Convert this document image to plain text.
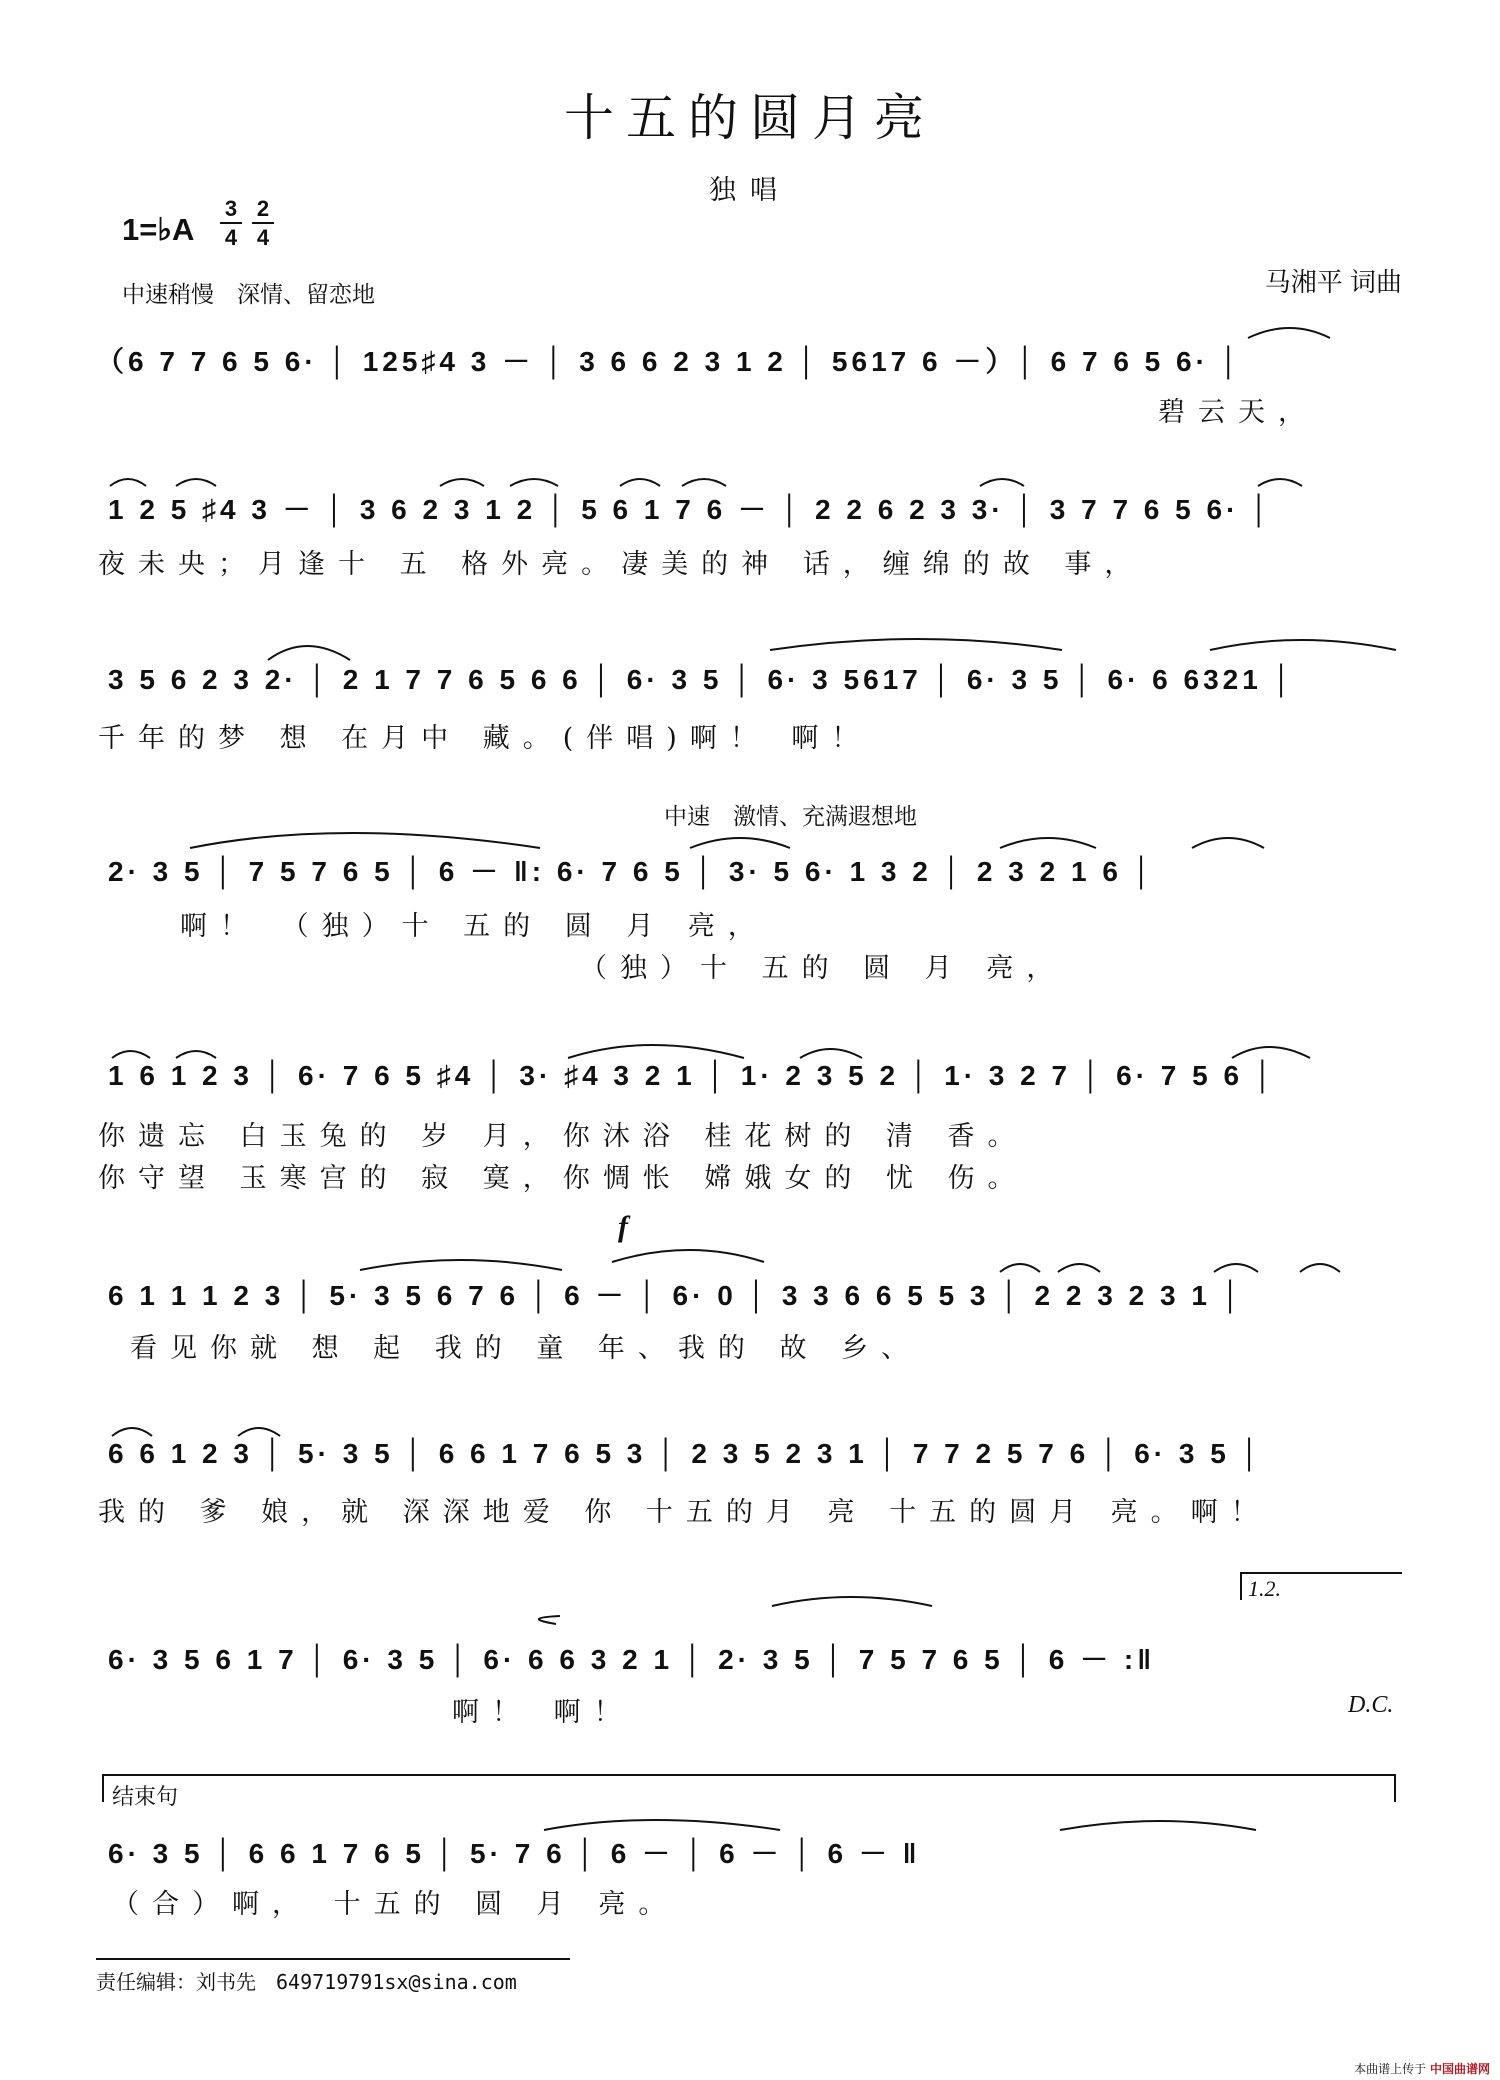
十五的圆月亮
独唱
1=♭A
3
4
2
4
中速稍慢　深情、留恋地	马湘平 词曲
（6 7 7 6 5 6· │ 125♯4 3 － │ 3 6 6 2 3 1 2 │ 5617 6 －）│ 6 7 6 5 6· │
碧云天，
1 2 5 ♯4 3 － │ 3 6 2 3 1 2 │ 5 6 1 7 6 － │ 2 2 6 2 3 3· │ 3 7 7 6 5 6· │
夜未央；月逢十 五 格外亮。凄美的神 话，缠绵的故 事，
3 5 6 2 3 2· │ 2 1 7 7 6 5 6 6 │ 6· 3 5 │ 6· 3 5617 │ 6· 3 5 │ 6· 6 6321 │
千年的梦 想 在月中 藏。(伴唱)啊！ 啊！
中速　激情、充满遐想地
2· 3 5 │ 7 5 7 6 5 │ 6 － ‖: 6· 7 6 5 │ 3· 5 6· 1 3 2 │ 2 3 2 1 6 │
啊！ （独）十 五的 圆 月 亮，
（独）十 五的 圆 月 亮，
1 6 1 2 3 │ 6· 7 6 5 ♯4 │ 3· ♯4 3 2 1 │ 1· 2 3 5 2 │ 1· 3 2 7 │ 6· 7 5 6 │
你遗忘 白玉兔的 岁 月，你沐浴 桂花树的 清 香。
你守望 玉寒宫的 寂 寞，你惆怅 嫦娥女的 忧 伤。
f
6 1 1 1 2 3 │ 5· 3 5 6 7 6 │ 6 － │ 6· 0 │ 3 3 6 6 5 5 3 │ 2 2 3 2 3 1 │
看见你就 想 起 我的 童 年、我的 故 乡、
6 6 1 2 3 │ 5· 3 5 │ 6 6 1 7 6 5 3 │ 2 3 5 2 3 1 │ 7 7 2 5 7 6 │ 6· 3 5 │
我的 爹 娘，就 深深地爱 你 十五的月 亮 十五的圆月 亮。啊！
1.2.
6· 3 5 6 1 7 │ 6· 3 5 │ 6· 6 6 3 2 1 │ 2· 3 5 │ 7 5 7 6 5 │ 6 － :‖
啊！ 啊！	D.C.
结束句
6· 3 5 │ 6 6 1 7 6 5 │ 5· 7 6 │ 6 － │ 6 － │ 6 － ‖
（合）啊， 十五的 圆 月 亮。
责任编辑：刘书先　649719791sx@sina.com
本曲谱上传于 中国曲谱网
